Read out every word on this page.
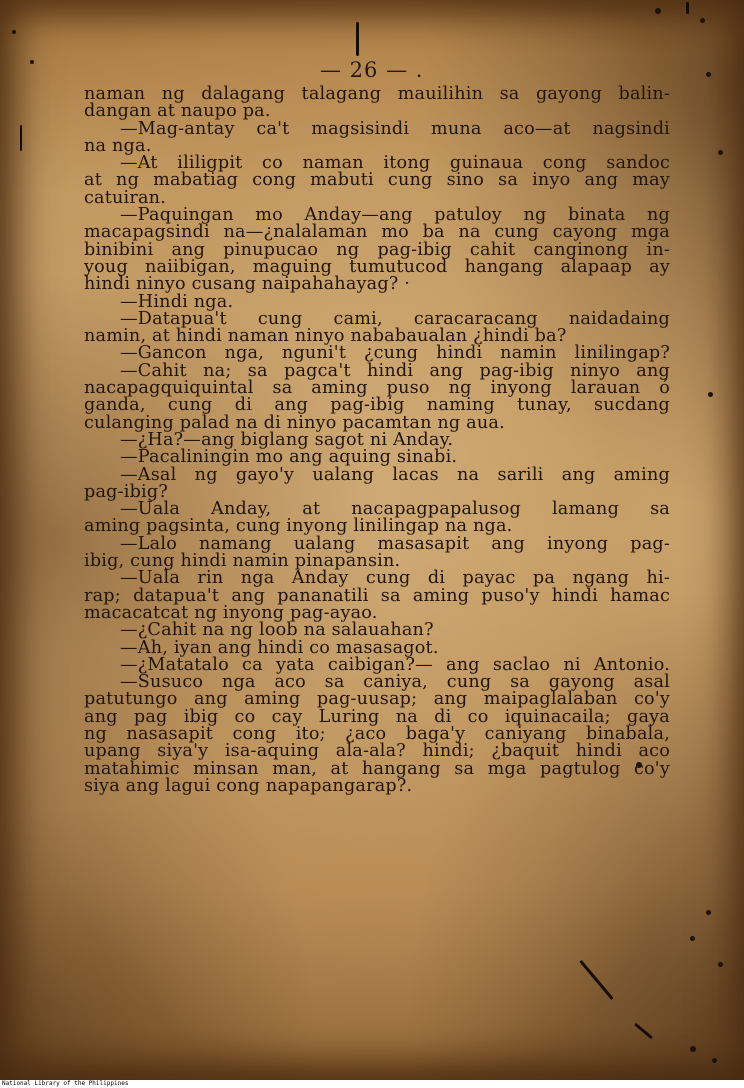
— 26 — .
naman ng dalagang talagang mauilihin sa gayong balin-
dangan at naupo pa.
—Mag-antay ca't magsisindi muna aco—at nagsindi
na nga.
—At ililigpit co naman itong guinaua cong sandoc
at ng mabatiag cong mabuti cung sino sa inyo ang may
catuiran.
—Paquingan mo Anday—ang patuloy ng binata ng
macapagsindi na—¿nalalaman mo ba na cung cayong mga
binibini ang pinupucao ng pag-ibig cahit canginong in-
youg naiibigan, maguing tumutucod hangang alapaap ay
hindi ninyo cusang naipahahayag? ·
—Hindi nga.
—Datapua't cung cami, caracaracang naidadaing
namin, at hindi naman ninyo nababaualan ¿hindi ba?
—Gancon nga, nguni't ¿cung hindi namin linilingap?
—Cahit na; sa pagca't hindi ang pag-ibig ninyo ang
nacapagquiquintal sa aming puso ng inyong larauan ó
ganda, cung di ang pag-ibig naming tunay, sucdang
culanging palad na di ninyo pacamtan ng aua.
—¿Ha?—ang biglang sagot ni Anday.
—Pacaliningin mo ang aquing sinabi.
—Asal ng gayo'y ualang lacas na sarili ang aming
pag-ibig?
—Uala Anday, at nacapagpapalusog lamang sa
aming pagsinta, cung inyong linilingap na nga.
—Lalo namang ualang masasapit ang inyong pag-
ibig, cung hindi namin pinapansin.
—Uala rin nga Anday cung di payac pa ngang hi-
rap; datapua't ang pananatili sa aming puso'y hindi hamac
macacatcat ng inyong pag-ayao.
—¿Cahit na ng loob na salauahan?
—Ah, iyan ang hindi co masasagot.
—¿Matatalo ca yata caibigan?— ang saclao ni Antonio.
—Susuco nga aco sa caniya, cung sa gayong asal
patutungo ang aming pag-uusap; ang maipaglalaban co'y
ang pag ibig co cay Luring na di co iquinacaila; gaya
ng nasasapit cong ito; ¿aco baga'y caniyang binabala,
upang siya'y isa-aquing ala-ala? hindi; ¿baquit hindi aco
matahimic minsan man, at hangang sa mga pagtulog co'y
siya ang lagui cong napapangarap?.
National Library of the Philippines
